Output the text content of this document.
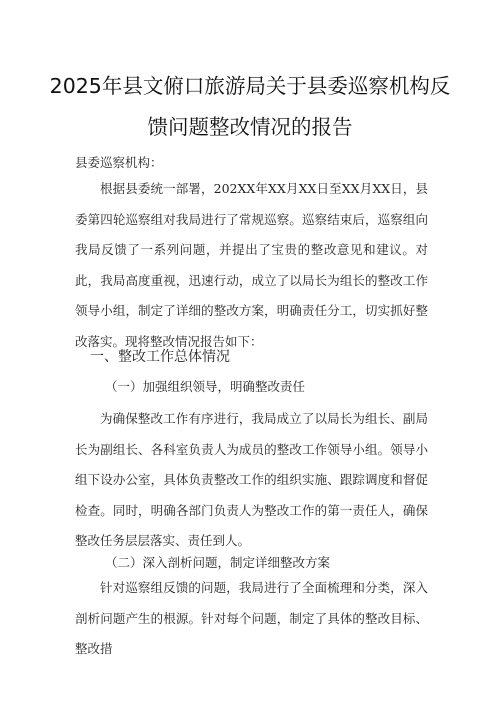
2025年县文俯口旅游局关于县委巡察机构反
馈问题整改情况的报告
县委巡察机构：

根据县委统一部署，202XX年XX月XX日至XX月XX日，县委第四轮巡察组对我局进行了常规巡察。巡察结束后，巡察组向我局反馈了一系列问题，并提出了宝贵的整改意见和建议。对此，我局高度重视，迅速行动，成立了以局长为组长的整改工作领导小组，制定了详细的整改方案，明确责任分工，切实抓好整改落实。现将整改情况报告如下：

一、整改工作总体情况
（一）加强组织领导，明确整改责任

为确保整改工作有序进行，我局成立了以局长为组长、副局长为副组长、各科室负责人为成员的整改工作领导小组。领导小组下设办公室，具体负责整改工作的组织实施、跟踪调度和督促检查。同时，明确各部门负责人为整改工作的第一责任人，确保整改任务层层落实、责任到人。

（二）深入剖析问题，制定详细整改方案

针对巡察组反馈的问题，我局进行了全面梳理和分类，深入剖析问题产生的根源。针对每个问题，制定了具体的整改目标、整改措
